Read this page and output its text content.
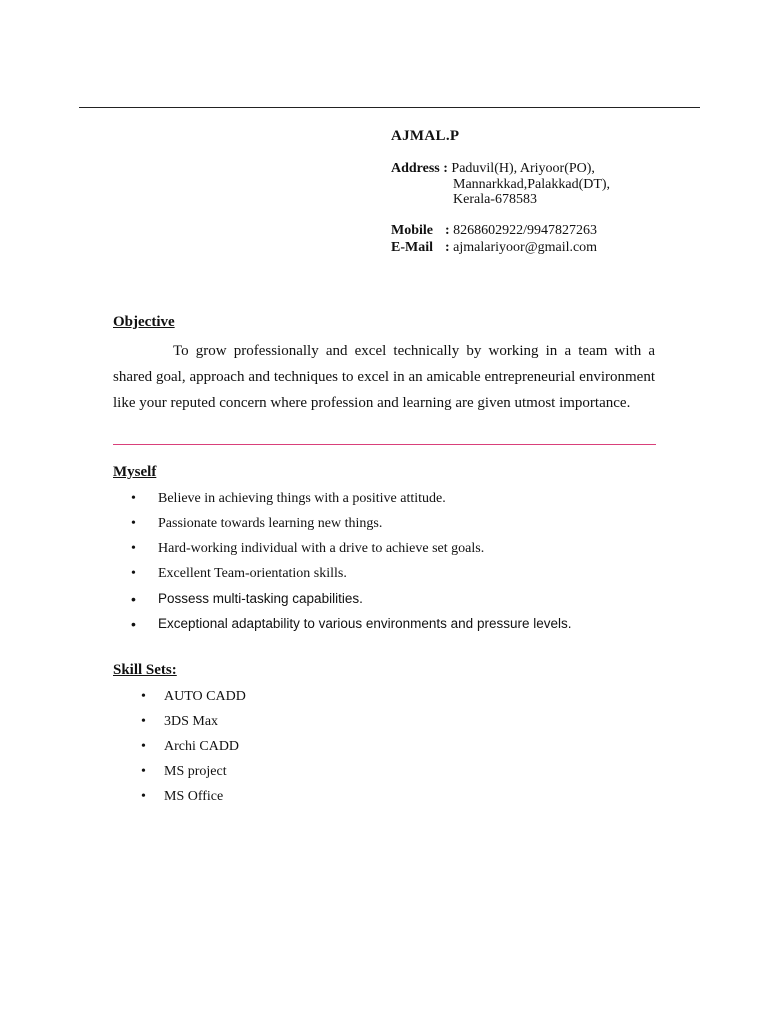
AJMAL.P
Address : Paduvil(H), Ariyoor(PO),
Mannarkkad,Palakkad(DT),
Kerala-678583
Mobile : 8268602922/9947827263
E-Mail : ajmalariyoor@gmail.com
Objective
To grow professionally and excel technically by working in a team with a shared goal, approach and techniques to excel in an amicable entrepreneurial environment like your reputed concern where profession and learning are given utmost importance.
Myself
• Believe in achieving things with a positive attitude.
• Passionate towards learning new things.
• Hard-working individual with a drive to achieve set goals.
• Excellent Team-orientation skills.
• Possess multi-tasking capabilities.
• Exceptional adaptability to various environments and pressure levels.
Skill Sets:
• AUTO CADD
• 3DS Max
• Archi CADD
• MS project
• MS Office
